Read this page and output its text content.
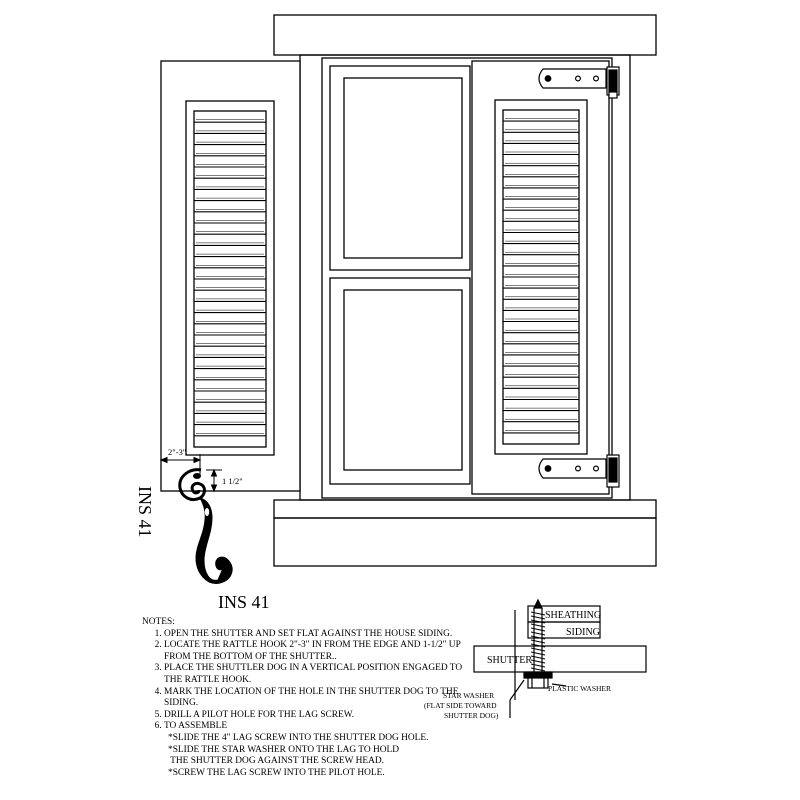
2"-3"
1 1/2"
INS 41
INS 41
SHEATHING
SIDING
SHUTTER
PLASTIC WASHER
STAR WASHER
(FLAT SIDE TOWARD
SHUTTER DOG)

NOTES:

1. OPEN THE SHUTTER AND SET FLAT AGAINST THE HOUSE SIDING.
2. LOCATE THE RATTLE HOOK 2"-3" IN FROM THE EDGE AND 1-1/2" UP FROM THE BOTTOM OF THE SHUTTER..
3. PLACE THE SHUTTLER DOG IN A VERTICAL POSITION ENGAGED TO THE RATTLE HOOK.
4. MARK THE LOCATION OF THE HOLE IN THE SHUTTER DOG TO THE SIDING.
5. DRILL A PILOT HOLE FOR THE LAG SCREW.
6. TO ASSEMBLE
*SLIDE THE 4" LAG SCREW INTO THE SHUTTER DOG HOLE.
*SLIDE THE STAR WASHER ONTO THE LAG TO HOLD
THE SHUTTER DOG AGAINST THE SCREW HEAD.
*SCREW THE LAG SCREW INTO THE PILOT HOLE.
